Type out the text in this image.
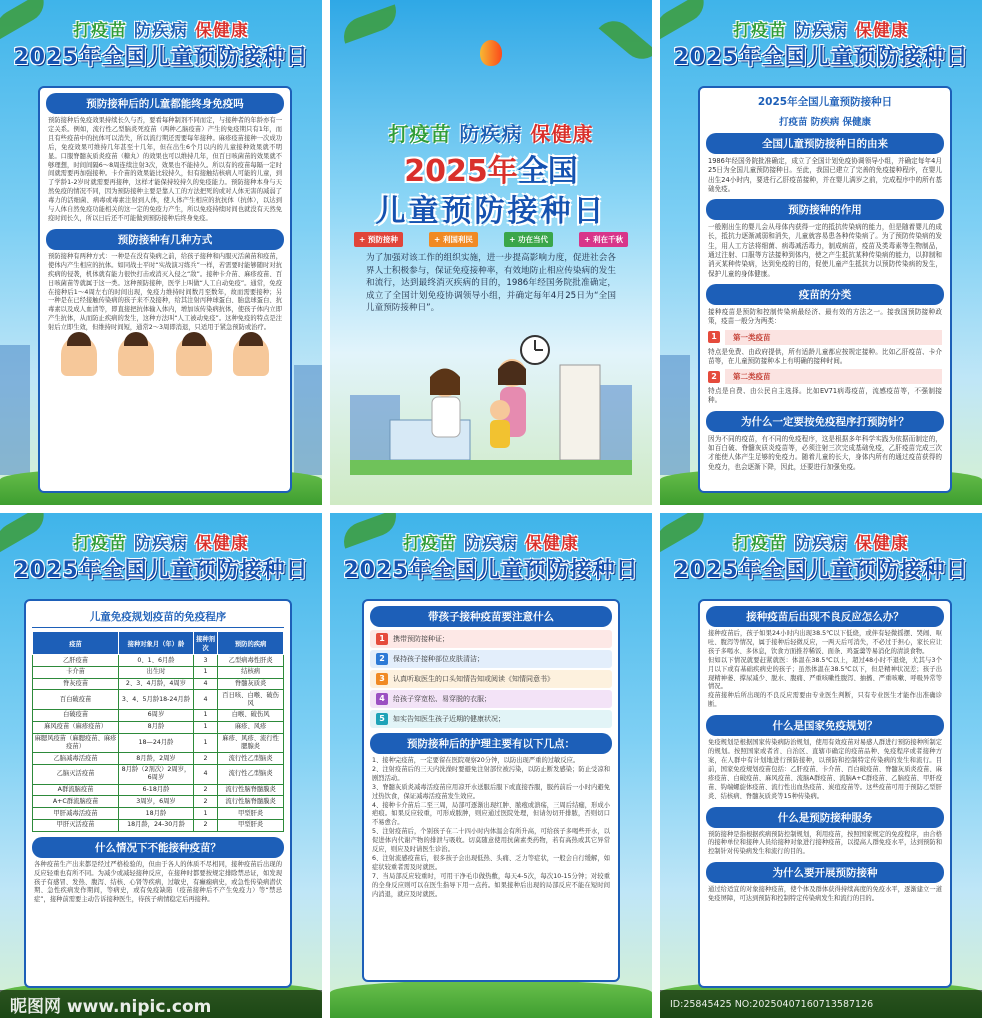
打疫苗 防疾病 保健康
2025年全国儿童预防接种日
预防接种后的儿童都能终身免疫吗
预防接种后免疫效果持续长久与否，要看每种制剂不同而定，与接种者的年龄亦有一定关系。例如，流行性乙型脑炎死疫苗（两种乙脑疫苗）产生的免疫期只有1年，而且有些疫苗中的抗体可以消失，所以流行期还需要每年接种。麻疹疫苗接种一次成功后，免疫效果可维持几年甚至十几年，但在出生6个月以内的儿童接种效果就不明显。口服脊髓灰质炎疫苗（糖丸）的效果也可以维持几年，但百日咳菌苗的效果就不够理想，时间间隔6～8周连续注射3次，效果也不能持久。所以有的疫苗每隔一定时间就需要再加强接种。卡介苗的效果能比较持久，但有接触结核病人可能的儿童，到了学龄1-2岁时就需要再接种，这样才能保持较持久的免疫能力。预防接种本身与天然免疫的情况不同，因为预防接种主要是靠人工的方法把死的或对人体无害的减弱了毒力的活细菌、病毒或毒素注射到人体，使人体产生相应的抗抗体（抗体），以达到与人体自然免疫功能相关的这一定的免疫力产生，所以免疫持续时间也就没有天然免疫时间长久，所以日后还不可能做到预防接种后终身免疫。
预防接种有几种方式
预防接种有两种方式：一种是在没有染病之前，给孩子接种和内服灭活菌苗和疫苗，使体内产生相应的抗体。如同战士平时“实战演习练兵”一样，若需要时能够随时对抗疾病的侵袭，机体就有能力很快打击或消灭入侵之“敌”。接种卡介苗、麻疹疫苗、百日咳菌苗等就属于这一类。这种预防接种，医学上叫做“人工自动免疫”。通常，免疫在接种后1～4周左右的时间出现，免疫力维持时间数月至数年，故而需要接种；另一种是在已经接触传染病的孩子来不及接种，给其注射丙种球蛋白、胎盘球蛋白、抗毒素以及成人血清等，即直接把抗体输入体内，增加该传染病抗体，使孩子体内立即产生抗体，从而防止疾病的发生，这种方法叫“人工被动免疫”。这种免疫的特点是注射后立即生效，但维持时间短，通常2～3周即消退，只适用于紧急预防或治疗。
打疫苗 防疾病 保健康
2025年全国
儿童预防接种日
+ 预防接种	+ 利国利民	+ 功在当代	+ 利在千秋
为了加强对该工作的组织实施，进一步提高影响力度，促进社会各界人士积极参与，保证免疫接种率，有效地防止相应传染病的发生和流行，达到最终消灭疾病的目的，1986年经国务院批准确定，成立了全国计划免疫协调领导小组，并确定每年4月25日为“全国儿童预防接种日”。
打疫苗 防疾病 保健康
2025年全国儿童预防接种日
2025年全国儿童预防接种日
打疫苗 防疾病 保健康
全国儿童预防接种日的由来
1986年经国务院批准确定，成立了全国计划免疫协调领导小组，并确定每年4月25日为全国儿童预防接种日。至此，我国已建立了完善的免疫接种程序，在婴儿出生24小时内，要进行乙肝疫苗接种，并在婴儿满岁之前，完成程序中的所有基础免疫。
预防接种的作用
一般刚出生的婴儿会从母体内获得一定的抵抗传染病的能力，但是随着婴儿的成长，抵抗力逐渐减弱和消失，儿童就容易患各种传染病了。为了预防传染病的发生，用人工方法将细菌、病毒减活毒力，制成病苗，疫苗及类毒素等生物制品，通过注射、口服等方法接种到体内，使之产生抵抗某种传染病的能力，以抑制和消灭某种传染病，达到免疫的目的，促使儿童产生抵抗力以预防传染病的发生，保护儿童的身体健康。
疫苗的分类
接种疫苗是预防和控制传染病最经济、最有效的方法之一。接我国预防接种政策，疫苗一般分为两类：
1	第一类疫苗
特点是免费、由政府提供，所有适龄儿童都应按规定接种。比如乙肝疫苗、卡介苗等，在儿童预防接种本上有明确的接种时间。
2	第二类疫苗
特点是自费、由公民自主选择。比如EV71病毒疫苗，流感疫苗等，不强制接种。
为什么一定要按免疫程序打预防针？
因为不同的疫苗，有不同的免疫程序，这是根据多年科学实践为依据而制定的，如百白破、脊髓灰质炎疫苗等，必须注射三次完成基础免疫，乙肝疫苗完成三次才能使人体产生足够的免疫力。随着儿童的长大，身体内所有的通过疫苗获得的免疫力，也会逐渐下降，因此，还要进行加强免疫。
打疫苗 防疾病 保健康
2025年全国儿童预防接种日
儿童免疫规划疫苗的免疫程序
疫苗	接种对象月（年）龄	接种剂次	预防的疾病
乙肝疫苗	0、1、6月龄	3	乙型病毒性肝炎
卡介苗	出生时	1	结核病
脊灰疫苗	2、3、4月龄，4周岁	4	脊髓灰质炎
百白破疫苗	3、4、5月龄18-24月龄	4	百日咳、白喉、破伤风
白破疫苗	6周岁	1	白喉、破伤风
麻风疫苗（麻疹疫苗）	8月龄	1	麻疹、风疹
麻腮风疫苗（麻腮疫苗、麻疹疫苗）	18—24月龄	1	麻疹、风疹、流行性腮腺炎
乙脑减毒活疫苗	8月龄，2周岁	2	流行性乙型脑炎
乙脑灭活疫苗	8月龄（2剂次）2周岁，6周岁	4	流行性乙型脑炎
A群流脑疫苗	6-18月龄	2	流行性脑脊髓膜炎
A+C群流脑疫苗	3周岁，6周岁	2	流行性脑脊髓膜炎
甲肝减毒活疫苗	18月龄	1	甲型肝炎
甲肝灭活疫苗	18月龄，24-30月龄	2	甲型肝炎
什么情况下不能接种疫苗？
各种疫苗生产出来都是经过严格检验的，但由于各人的体质不尽相同，接种疫苗后出现的反应轻重也有所不同。为减少或减轻接种反应，在接种时都要按规定排除禁忌证，如发现孩子有感冒、发热、腹泻、结核、心肾等疾病，过敏史，有癫痫病史，或急性传染病潜伏期、急性疾病发作期间，等病史，或有免疫缺陷（疫苗接种后不产生免疫力）等“禁忌症”，接种前需要主动告诉接种医生，待孩子病情稳定后再接种。
昵图网 www.nipic.com
打疫苗 防疾病 保健康
2025年全国儿童预防接种日
带孩子接种疫苗要注意什么
1	携带预防接种证；
2	保持孩子接种部位皮肤清洁；
3	认真听取医生的口头知情告知或阅读《知情同意书》
4	给孩子穿宽松、易穿脱的衣服；
5	如实告知医生孩子近期的健康状况；
预防接种后的护理主要有以下几点：
1、接种完疫苗，一定要留在医院观察20分钟，以防出现严重的过敏反应。
2、注射疫苗后的三天内洗澡时要避免注射部位被污染，以防止断发感染；防止受凉和剧烈活动。
3、脊髓灰质炎减毒活疫苗应用凉开水送服后服下或直接吞服，服药前后一小时内避免过热饮食，保证减毒活疫苗发生效应。
4、接种卡介苗后二至三周，局部可逐渐出现红肿、脓疱或溃疡，三周后结痂，形成小疤痕。如果反应较重，可形成脓肿，则应通过医院处理，但请勿切开排脓，否则切口不易愈合。
5、注射疫苗后，个别孩子在二十四小时内体温会有所升高，可给孩子多喝些开水，以促进体内代谢产物的排泄与吸收。切莫随意使用抗菌素类药物，若有高热或其它异常反应，则应及时请医生诊治。
6、注射流感疫苗后，很多孩子会出现低热、头痛、乏力等症状，一般会自行缓解，如症状较重者需及时就医。
7、当局部反应较重时，可用干净毛巾做热敷，每天4-5次，每次10-15分钟；对较重的全身反应则可以在医生指导下用一点药。如果接种后出现的局部反应不能在短时间内消退，就应及时就医。
打疫苗 防疾病 保健康
2025年全国儿童预防接种日
接种疫苗后出现不良反应怎么办？
接种疫苗后，孩子如果24小时内出现38.5℃以下低烧，或伴有轻微摇摆、哭闹、呕吐、腹泻等情况，属于接种后轻微反应，一两天后可消失，不必过于担心，家长应让孩子多喝水、多休息，饮食方面推荐稀饭、面条、鸡蛋羹等易消化的清淡食物。
但如以下情况就要赶紧就医：体温在38.5℃以上，超过48小时不退烧，尤其与3个月以下或有基础疾病史的孩子；虽然体温在38.5℃以下，但是精神状况差；孩子出现精神萎、撑尿减少、脱水、腹痛、严重咳嗽性腹泻、抽搐、严重咳嗽、呼吸异常等情况。
疫苗接种后所出现的不良反应需要由专业医生判断，只有专业医生才能作出准确诊断。
什么是国家免疫规划？
免疫规划是根据国家传染病防治规划，使用有效疫苗对易感人群进行预防接种所制定的规划。按照国家或者省、自治区、直辖市确定的疫苗品种、免疫程序或者接种方案，在人群中有计划地进行预防接种，以预防和控制特定传染病的发生和流行。目前，国家免疫规划疫苗包括：乙肝疫苗、卡介苗、百白破疫苗、脊髓灰质炎疫苗、麻疹疫苗、白破疫苗、麻风疫苗、流脑A群疫苗、流脑A+C群疫苗、乙脑疫苗、甲肝疫苗、钩端螺旋体疫苗、流行性出血热疫苗、炭疽疫苗等。这些疫苗可用于预防乙型肝炎、结核病、脊髓灰质炎等15种传染病。
什么是预防接种服务
预防接种是指根据疾病预防控制规划，利用疫苗，按照国家规定的免疫程序，由合格的接种单位和接种人员给接种对象进行接种疫苗，以提高人群免疫水平，达到预防和控制针对传染病发生和流行的目的。
为什么要开展预防接种
通过给适宜的对象接种疫苗，使个体及群体获得持续高度的免疫水平，逐渐建立一道免疫屏障，可达到预防和控制特定传染病发生和流行的目的。
ID:25845425 NO:20250407160713587126
